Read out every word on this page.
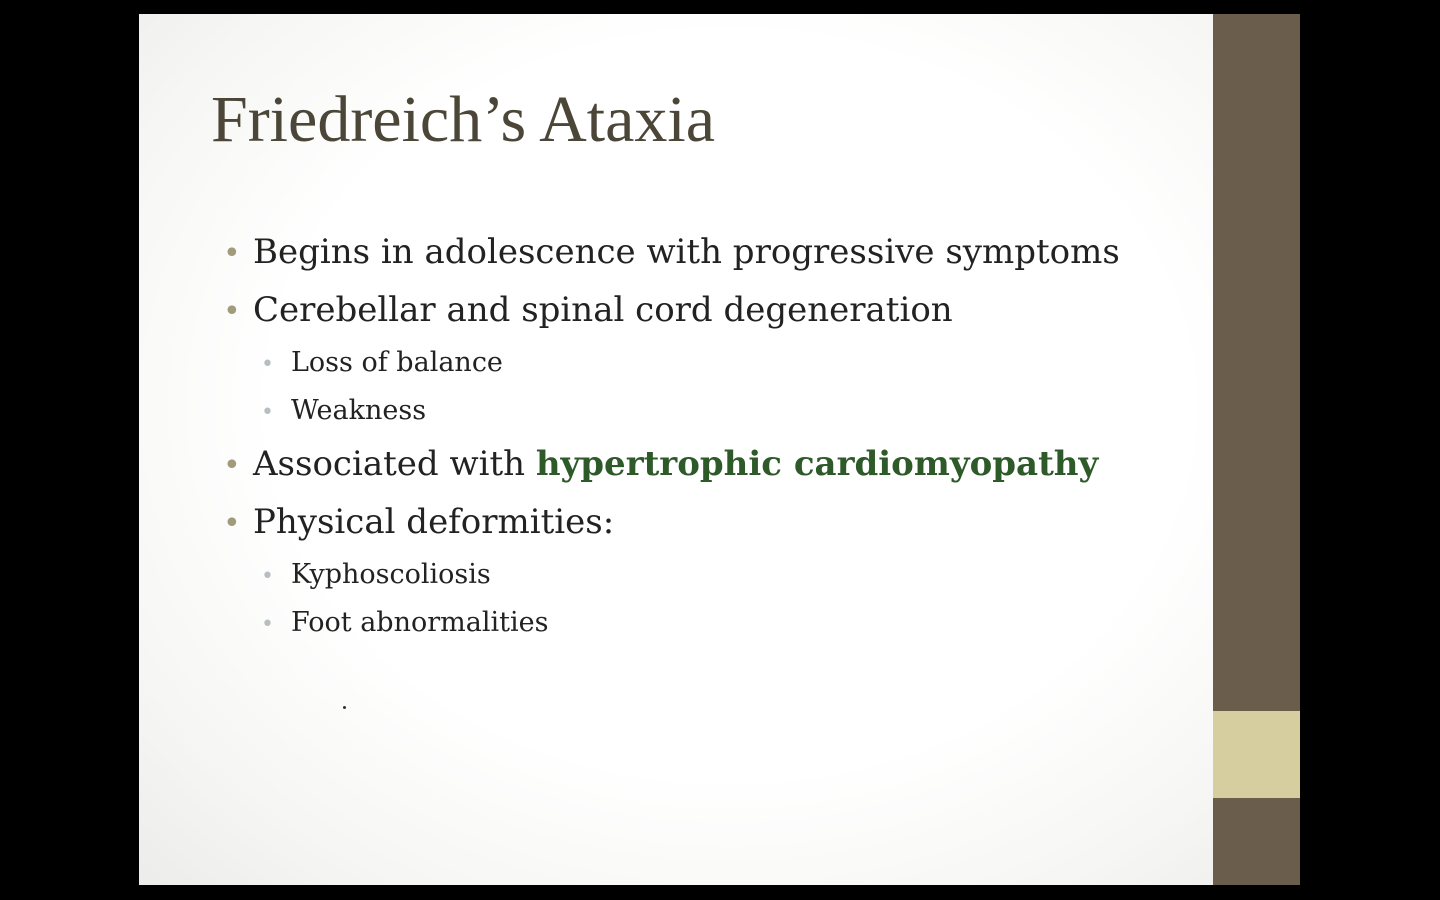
Friedreich’s Ataxia
• Begins in adolescence with progressive symptoms
• Cerebellar and spinal cord degeneration
• Loss of balance
• Weakness
• Associated with hypertrophic cardiomyopathy
• Physical deformities:
• Kyphoscoliosis
• Foot abnormalities
